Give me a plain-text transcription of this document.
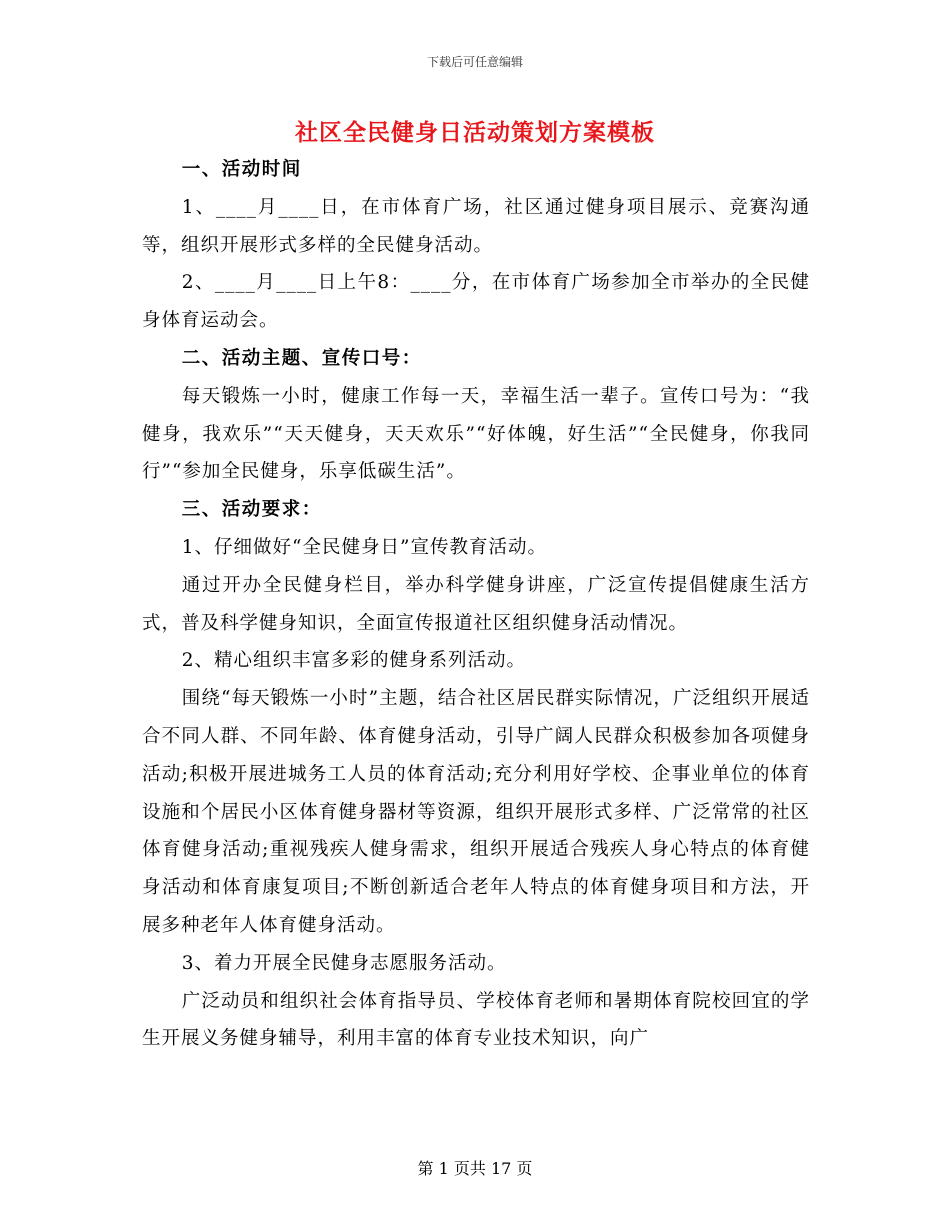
下载后可任意编辑
社区全民健身日活动策划方案模板

一、活动时间

1、____月____日，在市体育广场，社区通过健身项目展示、竞赛沟通等，组织开展形式多样的全民健身活动。

2、____月____日上午8：____分，在市体育广场参加全市举办的全民健身体育运动会。

二、活动主题、宣传口号：

每天锻炼一小时，健康工作每一天，幸福生活一辈子。宣传口号为：“我健身，我欢乐”“天天健身，天天欢乐”“好体魄，好生活”“全民健身，你我同行”“参加全民健身，乐享低碳生活”。

三、活动要求：

1、仔细做好“全民健身日”宣传教育活动。

通过开办全民健身栏目，举办科学健身讲座，广泛宣传提倡健康生活方式，普及科学健身知识，全面宣传报道社区组织健身活动情况。

2、精心组织丰富多彩的健身系列活动。

围绕“每天锻炼一小时”主题，结合社区居民群实际情况，广泛组织开展适合不同人群、不同年龄、体育健身活动，引导广阔人民群众积极参加各项健身活动;积极开展进城务工人员的体育活动;充分利用好学校、企事业单位的体育设施和个居民小区体育健身器材等资源，组织开展形式多样、广泛常常的社区体育健身活动;重视残疾人健身需求，组织开展适合残疾人身心特点的体育健身活动和体育康复项目;不断创新适合老年人特点的体育健身项目和方法，开展多种老年人体育健身活动。

3、着力开展全民健身志愿服务活动。

广泛动员和组织社会体育指导员、学校体育老师和暑期体育院校回宜的学生开展义务健身辅导，利用丰富的体育专业技术知识，向广

第 1 页共 17 页
